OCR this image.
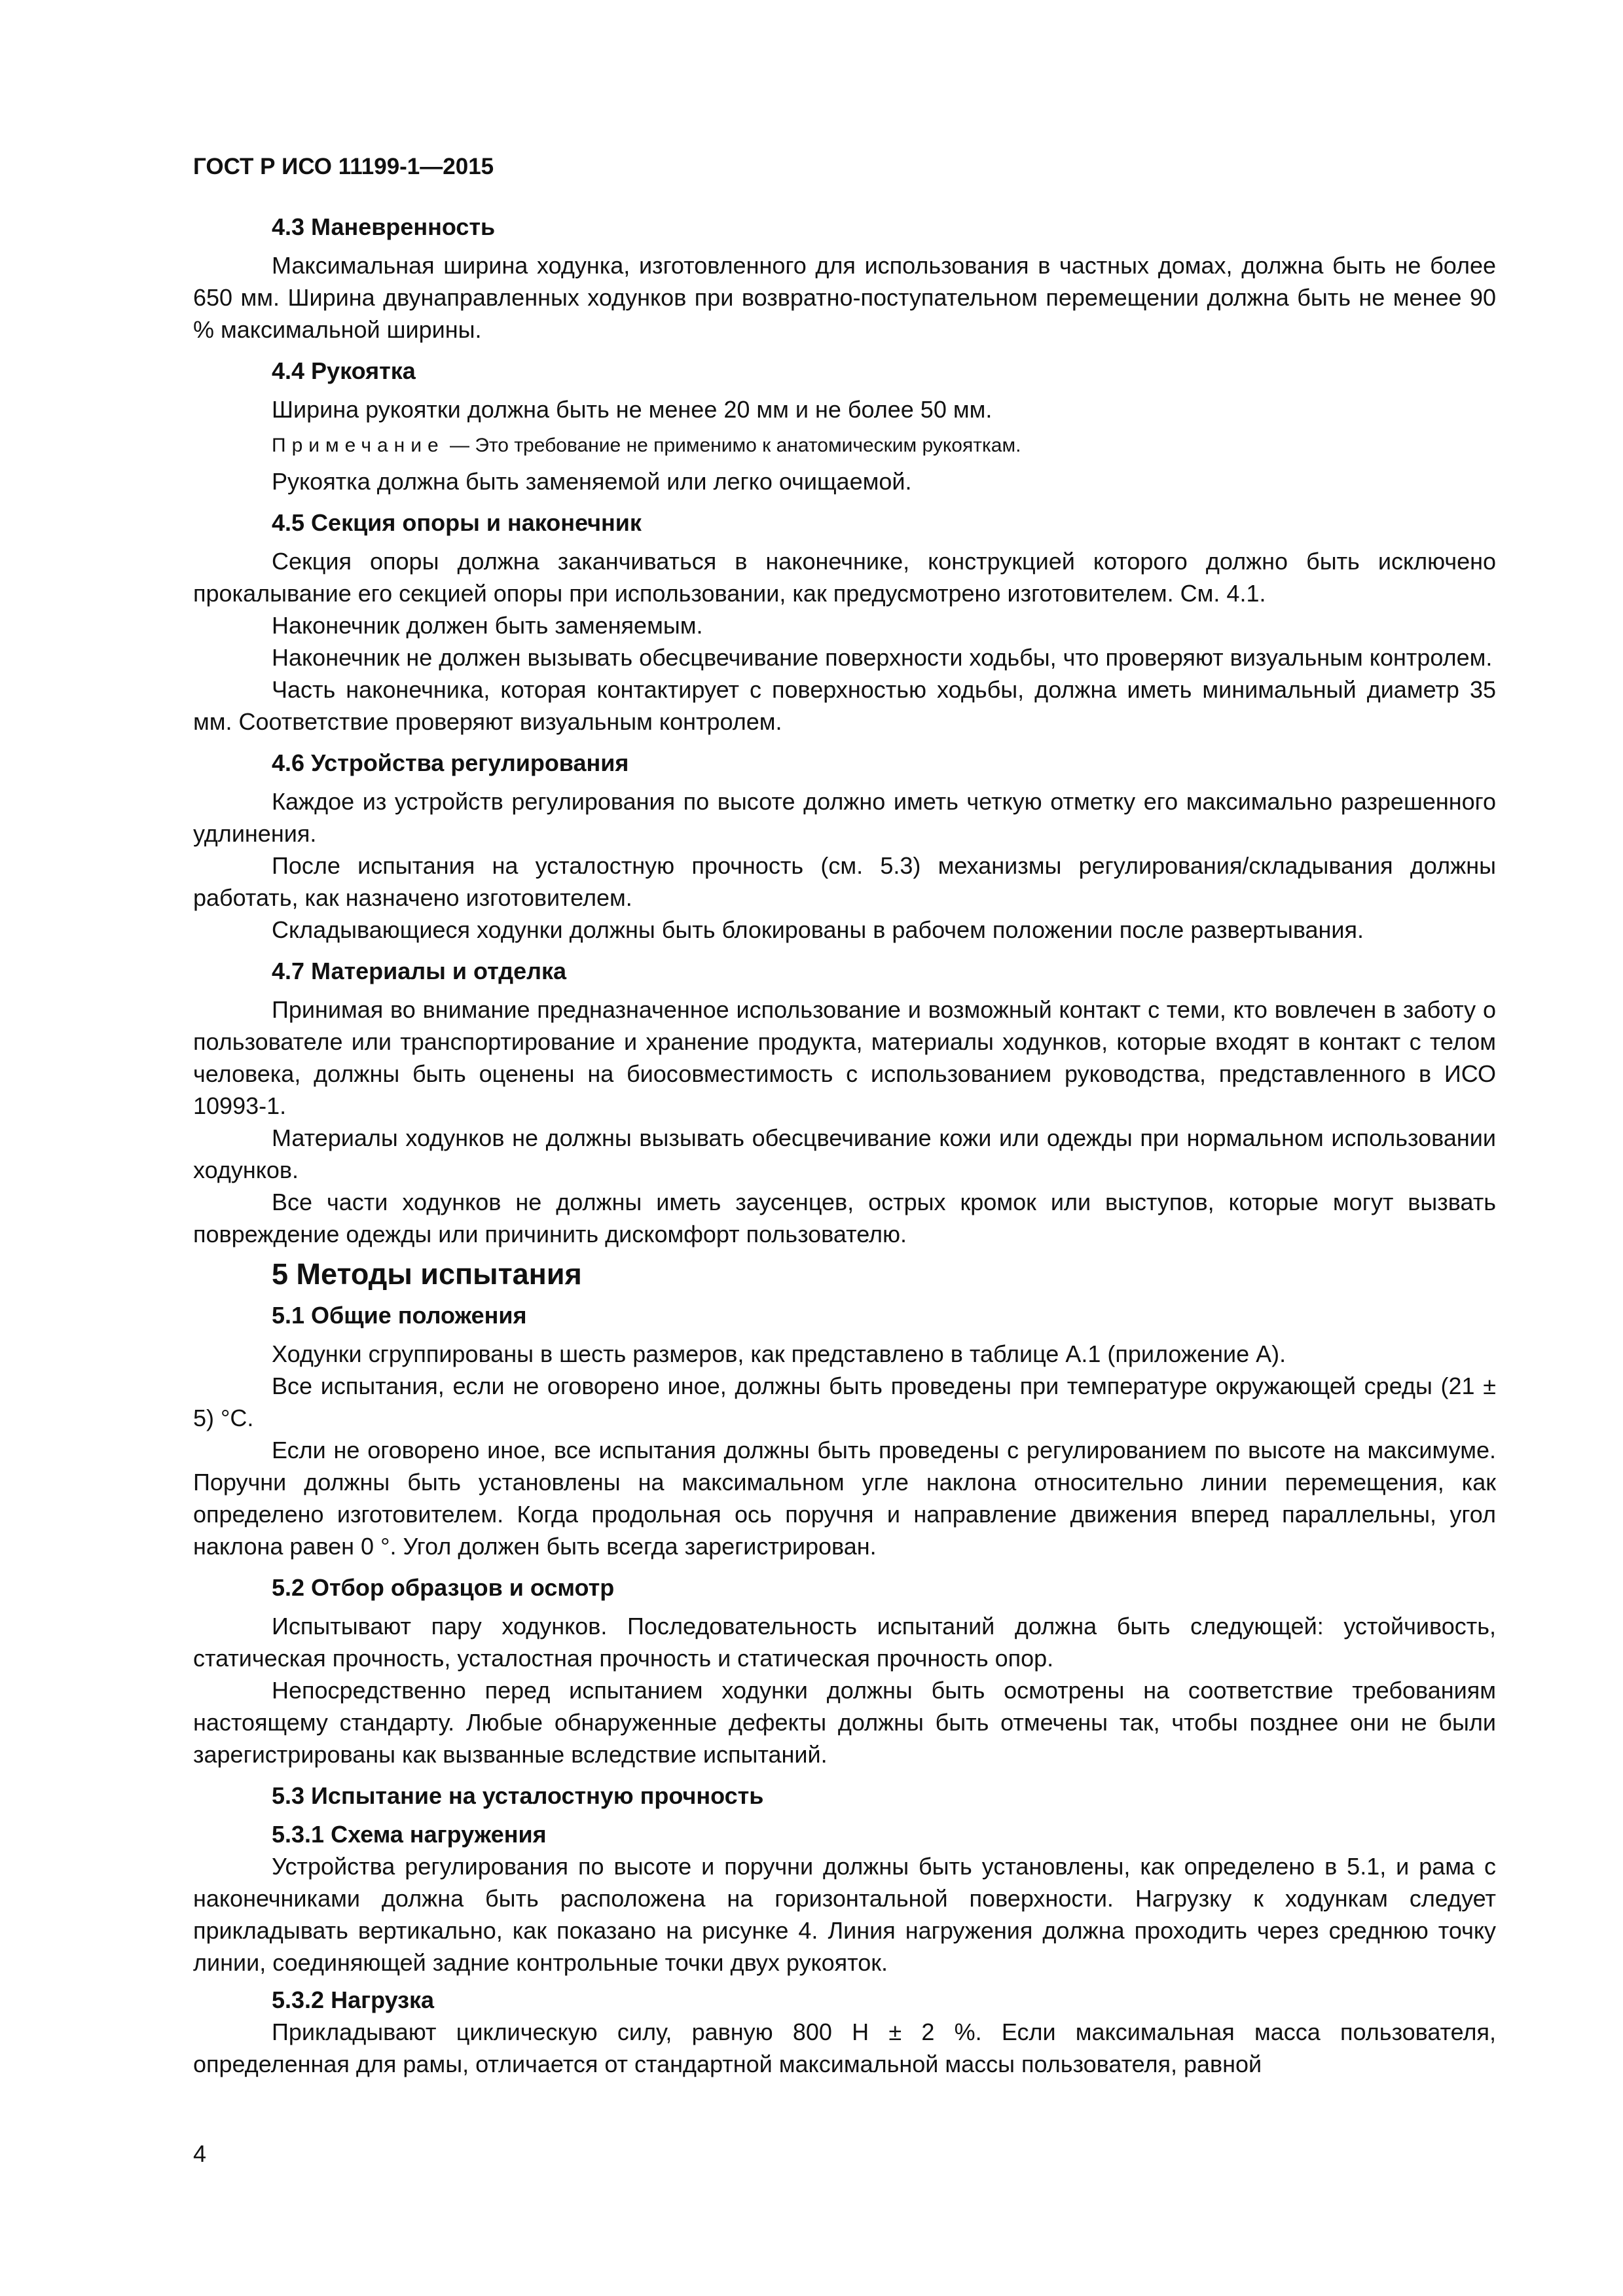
ГОСТ Р ИСО 11199-1—2015

4.3 Маневренность

Максимальная ширина ходунка, изготовленного для использования в частных домах, должна быть не более 650 мм. Ширина двунаправленных ходунков при возвратно-поступательном перемещении должна быть не менее 90 % максимальной ширины.

4.4 Рукоятка

Ширина рукоятки должна быть не менее 20 мм и не более 50 мм.

Примечание — Это требование не применимо к анатомическим рукояткам.

Рукоятка должна быть заменяемой или легко очищаемой.

4.5 Секция опоры и наконечник

Секция опоры должна заканчиваться в наконечнике, конструкцией которого должно быть исключено прокалывание его секцией опоры при использовании, как предусмотрено изготовителем. См. 4.1.

Наконечник должен быть заменяемым.

Наконечник не должен вызывать обесцвечивание поверхности ходьбы, что проверяют визуальным контролем.

Часть наконечника, которая контактирует с поверхностью ходьбы, должна иметь минимальный диаметр 35 мм. Соответствие проверяют визуальным контролем.

4.6 Устройства регулирования

Каждое из устройств регулирования по высоте должно иметь четкую отметку его максимально разрешенного удлинения.

После испытания на усталостную прочность (см. 5.3) механизмы регулирования/складывания должны работать, как назначено изготовителем.

Складывающиеся ходунки должны быть блокированы в рабочем положении после развертывания.

4.7 Материалы и отделка

Принимая во внимание предназначенное использование и возможный контакт с теми, кто вовлечен в заботу о пользователе или транспортирование и хранение продукта, материалы ходунков, которые входят в контакт с телом человека, должны быть оценены на биосовместимость с использованием руководства, представленного в ИСО 10993-1.

Материалы ходунков не должны вызывать обесцвечивание кожи или одежды при нормальном использовании ходунков.

Все части ходунков не должны иметь заусенцев, острых кромок или выступов, которые могут вызвать повреждение одежды или причинить дискомфорт пользователю.

5 Методы испытания
5.1 Общие положения

Ходунки сгруппированы в шесть размеров, как представлено в таблице А.1 (приложение А).

Все испытания, если не оговорено иное, должны быть проведены при температуре окружающей среды (21 ± 5) °С.

Если не оговорено иное, все испытания должны быть проведены с регулированием по высоте на максимуме. Поручни должны быть установлены на максимальном угле наклона относительно линии перемещения, как определено изготовителем. Когда продольная ось поручня и направление движения вперед параллельны, угол наклона равен 0 °. Угол должен быть всегда зарегистрирован.

5.2 Отбор образцов и осмотр

Испытывают пару ходунков. Последовательность испытаний должна быть следующей: устойчивость, статическая прочность, усталостная прочность и статическая прочность опор.

Непосредственно перед испытанием ходунки должны быть осмотрены на соответствие требованиям настоящему стандарту. Любые обнаруженные дефекты должны быть отмечены так, чтобы позднее они не были зарегистрированы как вызванные вследствие испытаний.

5.3 Испытание на усталостную прочность
5.3.1 Схема нагружения

Устройства регулирования по высоте и поручни должны быть установлены, как определено в 5.1, и рама с наконечниками должна быть расположена на горизонтальной поверхности. Нагрузку к ходункам следует прикладывать вертикально, как показано на рисунке 4. Линия нагружения должна проходить через среднюю точку линии, соединяющей задние контрольные точки двух рукояток.

5.3.2 Нагрузка

Прикладывают циклическую силу, равную 800 Н ± 2 %. Если максимальная масса пользователя, определенная для рамы, отличается от стандартной максимальной массы пользователя, равной

4
